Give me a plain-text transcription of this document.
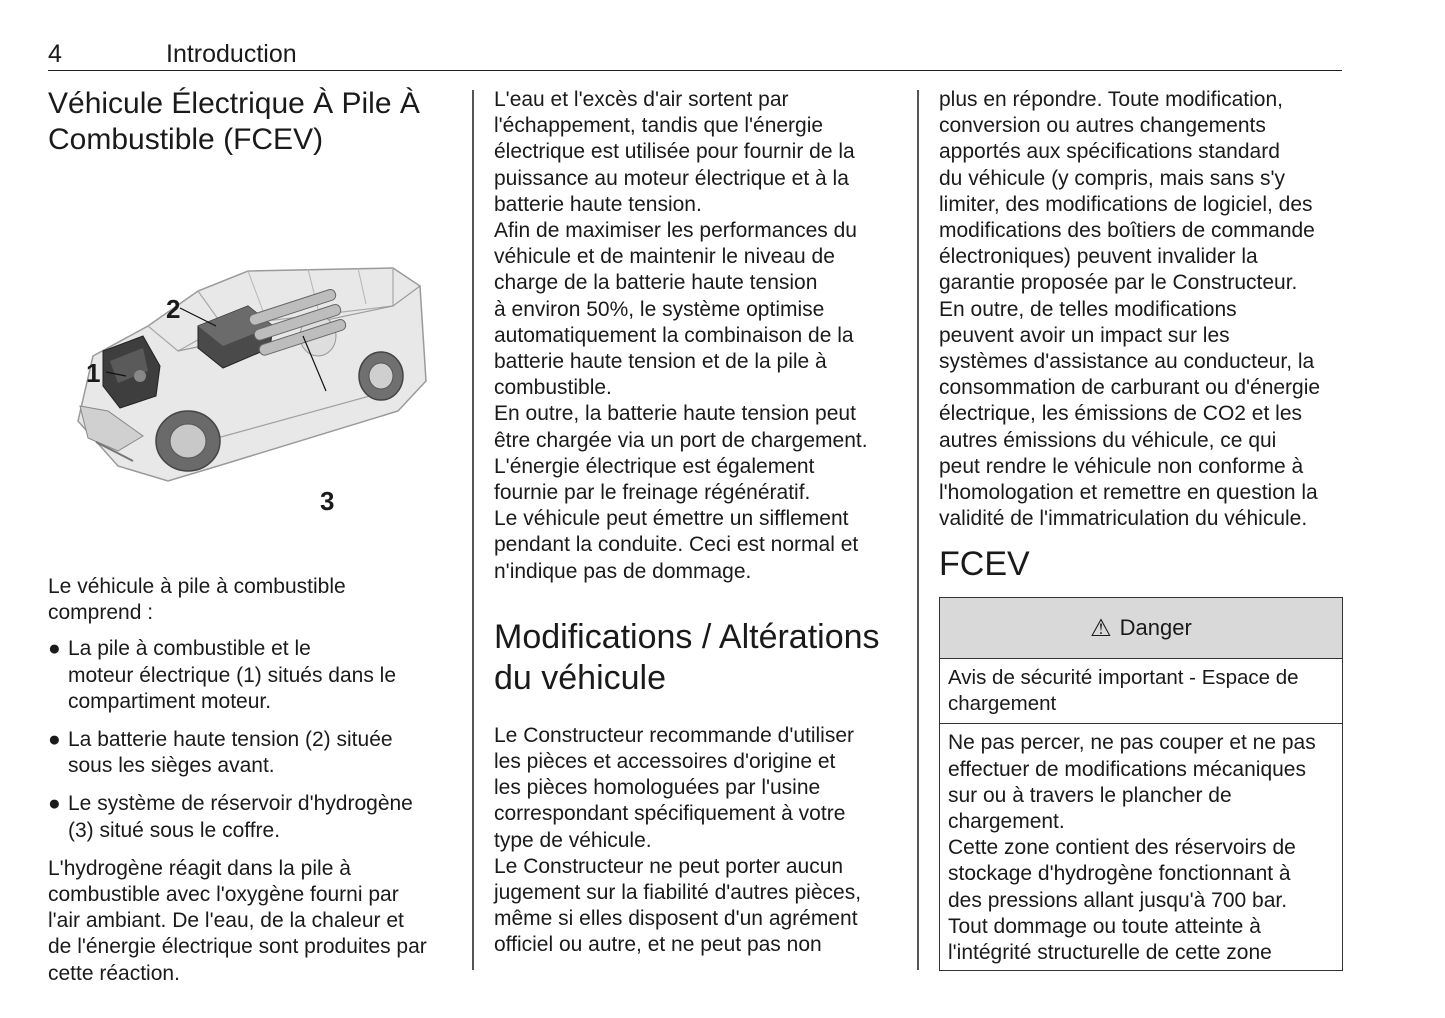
4	Introduction
Véhicule Électrique À Pile À
Combustible (FCEV)
1
2
3

Le véhicule à pile à combustible
comprend :

● La pile à combustible et le
moteur électrique (1) situés dans le
compartiment moteur.
● La batterie haute tension (2) située
sous les sièges avant.
● Le système de réservoir d'hydrogène
(3) situé sous le coffre.

L'hydrogène réagit dans la pile à
combustible avec l'oxygène fourni par
l'air ambiant. De l'eau, de la chaleur et
de l'énergie électrique sont produites par
cette réaction.

L'eau et l'excès d'air sortent par
l'échappement, tandis que l'énergie
électrique est utilisée pour fournir de la
puissance au moteur électrique et à la
batterie haute tension.
Afin de maximiser les performances du
véhicule et de maintenir le niveau de
charge de la batterie haute tension
à environ 50%, le système optimise
automatiquement la combinaison de la
batterie haute tension et de la pile à
combustible.
En outre, la batterie haute tension peut
être chargée via un port de chargement.
L'énergie électrique est également
fournie par le freinage régénératif.
Le véhicule peut émettre un sifflement
pendant la conduite. Ceci est normal et
n'indique pas de dommage.

Modifications / Altérations
du véhicule

Le Constructeur recommande d'utiliser
les pièces et accessoires d'origine et
les pièces homologuées par l'usine
correspondant spécifiquement à votre
type de véhicule.
Le Constructeur ne peut porter aucun
jugement sur la fiabilité d'autres pièces,
même si elles disposent d'un agrément
officiel ou autre, et ne peut pas non

plus en répondre. Toute modification,
conversion ou autres changements
apportés aux spécifications standard
du véhicule (y compris, mais sans s'y
limiter, des modifications de logiciel, des
modifications des boîtiers de commande
électroniques) peuvent invalider la
garantie proposée par le Constructeur.
En outre, de telles modifications
peuvent avoir un impact sur les
systèmes d'assistance au conducteur, la
consommation de carburant ou d'énergie
électrique, les émissions de CO2 et les
autres émissions du véhicule, ce qui
peut rendre le véhicule non conforme à
l'homologation et remettre en question la
validité de l'immatriculation du véhicule.

FCEV
⚠ Danger

Avis de sécurité important - Espace de
chargement

Ne pas percer, ne pas couper et ne pas
effectuer de modifications mécaniques
sur ou à travers le plancher de
chargement.
Cette zone contient des réservoirs de
stockage d'hydrogène fonctionnant à
des pressions allant jusqu'à 700 bar.
Tout dommage ou toute atteinte à
l'intégrité structurelle de cette zone
